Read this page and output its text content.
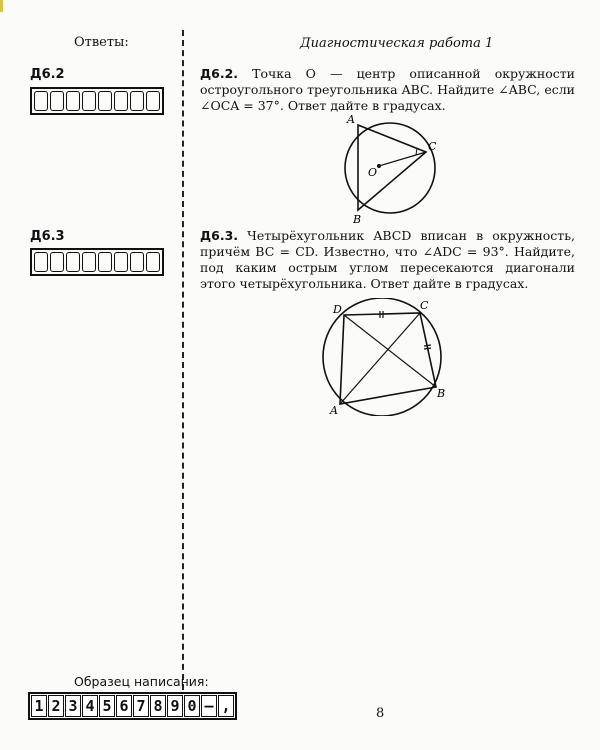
Ответы:
Д6.2
Д6.3
Диагностическая работа 1
Д6.2. Точка O — центр описанной окружности остроугольного треугольника ABC. Найдите ∠ABC, если ∠OCA = 37°. Ответ дайте в градусах.
A
B
C
O
Д6.3. Четырёхугольник ABCD вписан в окружность, причём BC = CD. Известно, что ∠ADC = 93°. Найдите, под каким острым углом пересекаются диагонали этого четырёхугольника. Ответ дайте в градусах.
A
B
C
D
Образец написания:
1 2 3 4 5 6 7 8 9 0 – ,	8
